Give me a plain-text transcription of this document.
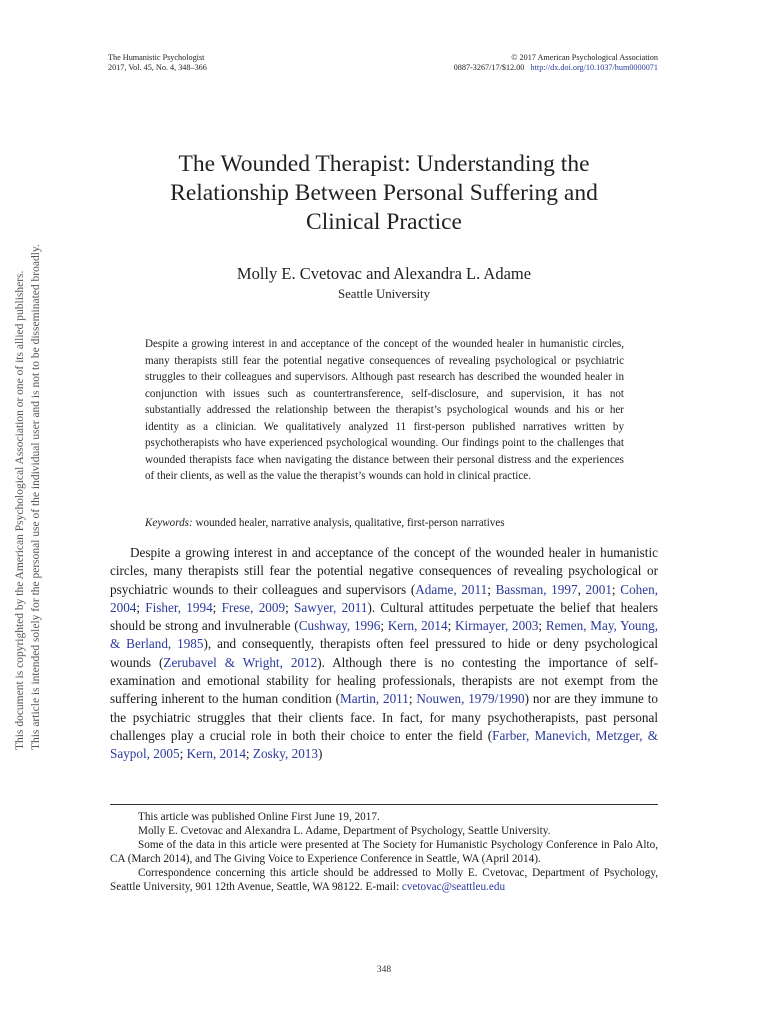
The Humanistic Psychologist
2017, Vol. 45, No. 4, 348–366
© 2017 American Psychological Association
0887-3267/17/$12.00 http://dx.doi.org/10.1037/hum0000071
This document is copyrighted by the American Psychological Association or one of its allied publishers. This article is intended solely for the personal use of the individual user and is not to be disseminated broadly.
The Wounded Therapist: Understanding the
Relationship Between Personal Suffering and
Clinical Practice
Molly E. Cvetovac and Alexandra L. Adame
Seattle University

Despite a growing interest in and acceptance of the concept of the wounded healer in humanistic circles, many therapists still fear the potential negative consequences of revealing psychological or psychiatric struggles to their colleagues and supervisors. Although past research has described the wounded healer in conjunction with issues such as countertransference, self-disclosure, and supervision, it has not substantially addressed the relationship between the therapist’s psychological wounds and his or her identity as a clinician. We qualitatively analyzed 11 first-person published narratives written by psychotherapists who have experienced psychological wounding. Our findings point to the challenges that wounded therapists face when navigating the distance between their personal distress and the experiences of their clients, as well as the value the therapist’s wounds can hold in clinical practice.

Keywords: wounded healer, narrative analysis, qualitative, first-person narratives

Despite a growing interest in and acceptance of the concept of the wounded healer in humanistic circles, many therapists still fear the potential negative consequences of revealing psychological or psychiatric wounds to their colleagues and supervisors (Adame, 2011; Bassman, 1997, 2001; Cohen, 2004; Fisher, 1994; Frese, 2009; Sawyer, 2011). Cultural attitudes perpetuate the belief that healers should be strong and invulnerable (Cushway, 1996; Kern, 2014; Kirmayer, 2003; Remen, May, Young, & Berland, 1985), and consequently, therapists often feel pressured to hide or deny psychological wounds (Zerubavel & Wright, 2012). Although there is no contesting the importance of self-examination and emotional stability for healing professionals, therapists are not exempt from the suffering inherent to the human condition (Martin, 2011; Nouwen, 1979/1990) nor are they immune to the psychiatric struggles that their clients face. In fact, for many psychotherapists, past personal challenges play a crucial role in both their choice to enter the field (Farber, Manevich, Metzger, & Saypol, 2005; Kern, 2014; Zosky, 2013)

This article was published Online First June 19, 2017.

Molly E. Cvetovac and Alexandra L. Adame, Department of Psychology, Seattle University.

Some of the data in this article were presented at The Society for Humanistic Psychology Conference in Palo Alto, CA (March 2014), and The Giving Voice to Experience Conference in Seattle, WA (April 2014).

Correspondence concerning this article should be addressed to Molly E. Cvetovac, Department of Psychology, Seattle University, 901 12th Avenue, Seattle, WA 98122. E-mail: cvetovac@seattleu.edu

348
